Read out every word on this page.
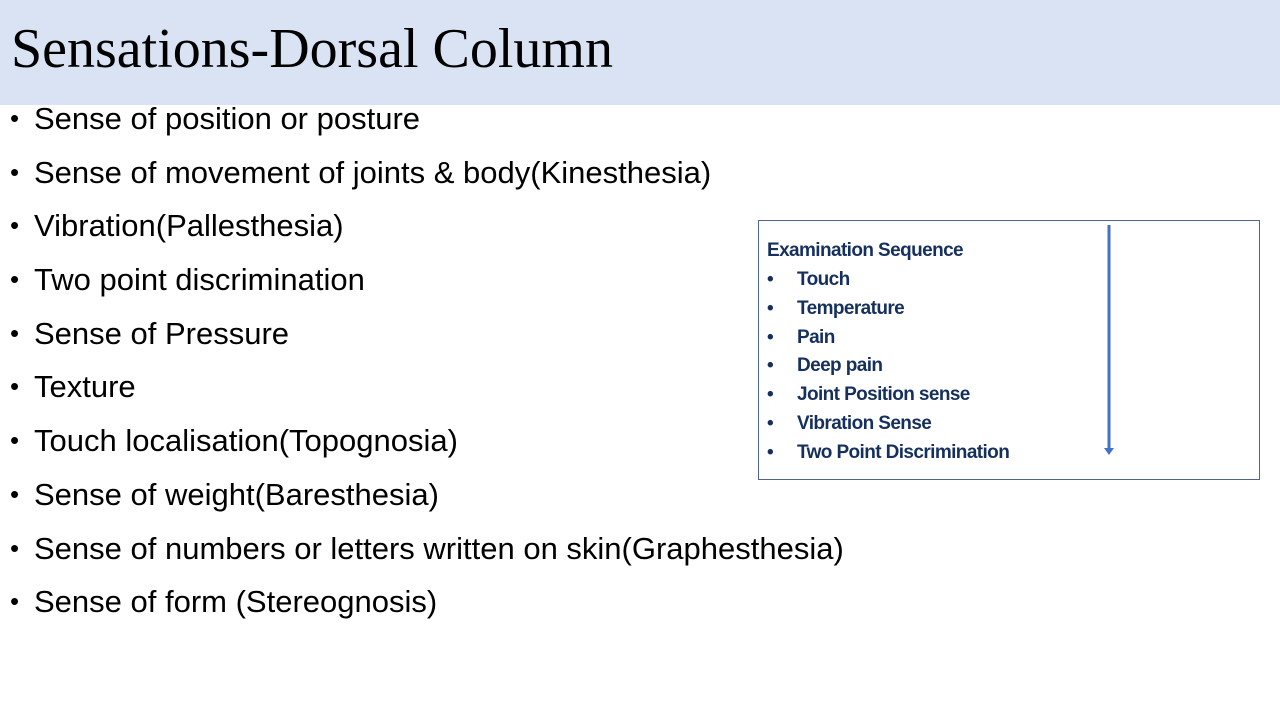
Sensations-Dorsal Column
• Sense of position or posture
• Sense of movement of joints & body(Kinesthesia)
• Vibration(Pallesthesia)
• Two point discrimination
• Sense of Pressure
• Texture
• Touch localisation(Topognosia)
• Sense of weight(Baresthesia)
• Sense of numbers or letters written on skin(Graphesthesia)
• Sense of form (Stereognosis)
Examination Sequence
• Touch
• Temperature
• Pain
• Deep pain
• Joint Position sense
• Vibration Sense
• Two Point Discrimination
